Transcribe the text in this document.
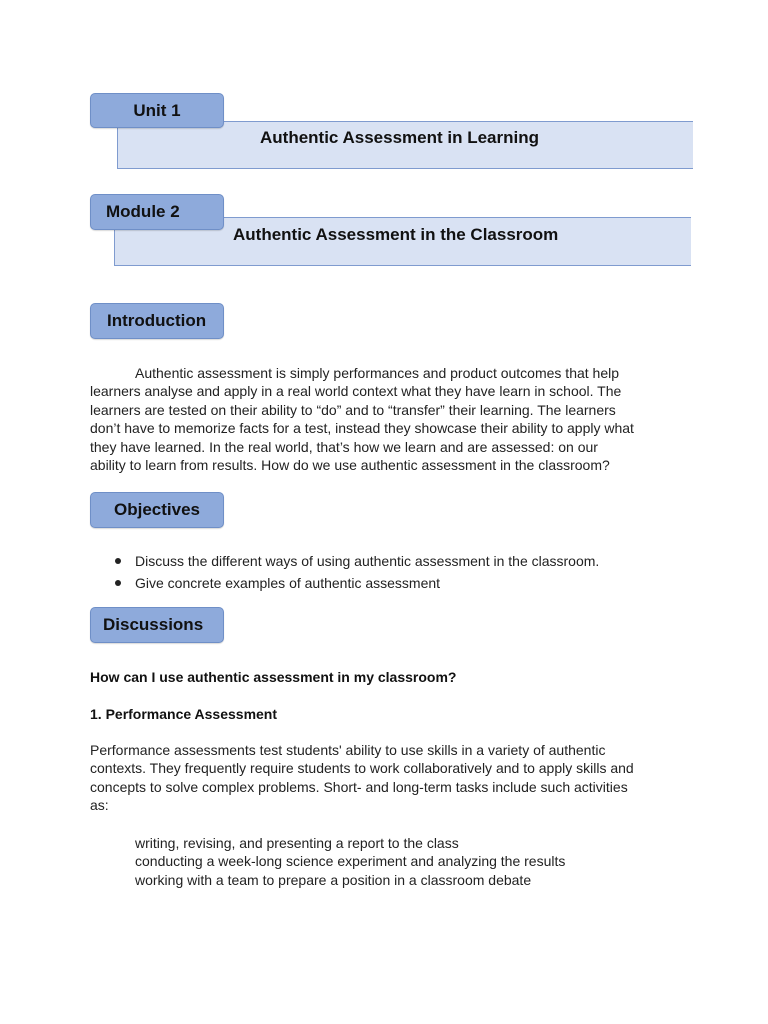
Authentic Assessment in Learning
Unit 1
Authentic Assessment in the Classroom
Module 2
Introduction
Authentic assessment is simply performances and product outcomes that help
learners analyse and apply in a real world context what they have learn in school. The
learners are tested on their ability to “do” and to “transfer” their learning. The learners
don’t have to memorize facts for a test, instead they showcase their ability to apply what
they have learned. In the real world, that’s how we learn and are assessed: on our
ability to learn from results. How do we use authentic assessment in the classroom?
Objectives
Discuss the different ways of using authentic assessment in the classroom.
Give concrete examples of authentic assessment
Discussions
How can I use authentic assessment in my classroom?
1. Performance Assessment
Performance assessments test students' ability to use skills in a variety of authentic
contexts. They frequently require students to work collaboratively and to apply skills and
concepts to solve complex problems. Short- and long-term tasks include such activities
as:
writing, revising, and presenting a report to the class
conducting a week-long science experiment and analyzing the results
working with a team to prepare a position in a classroom debate
